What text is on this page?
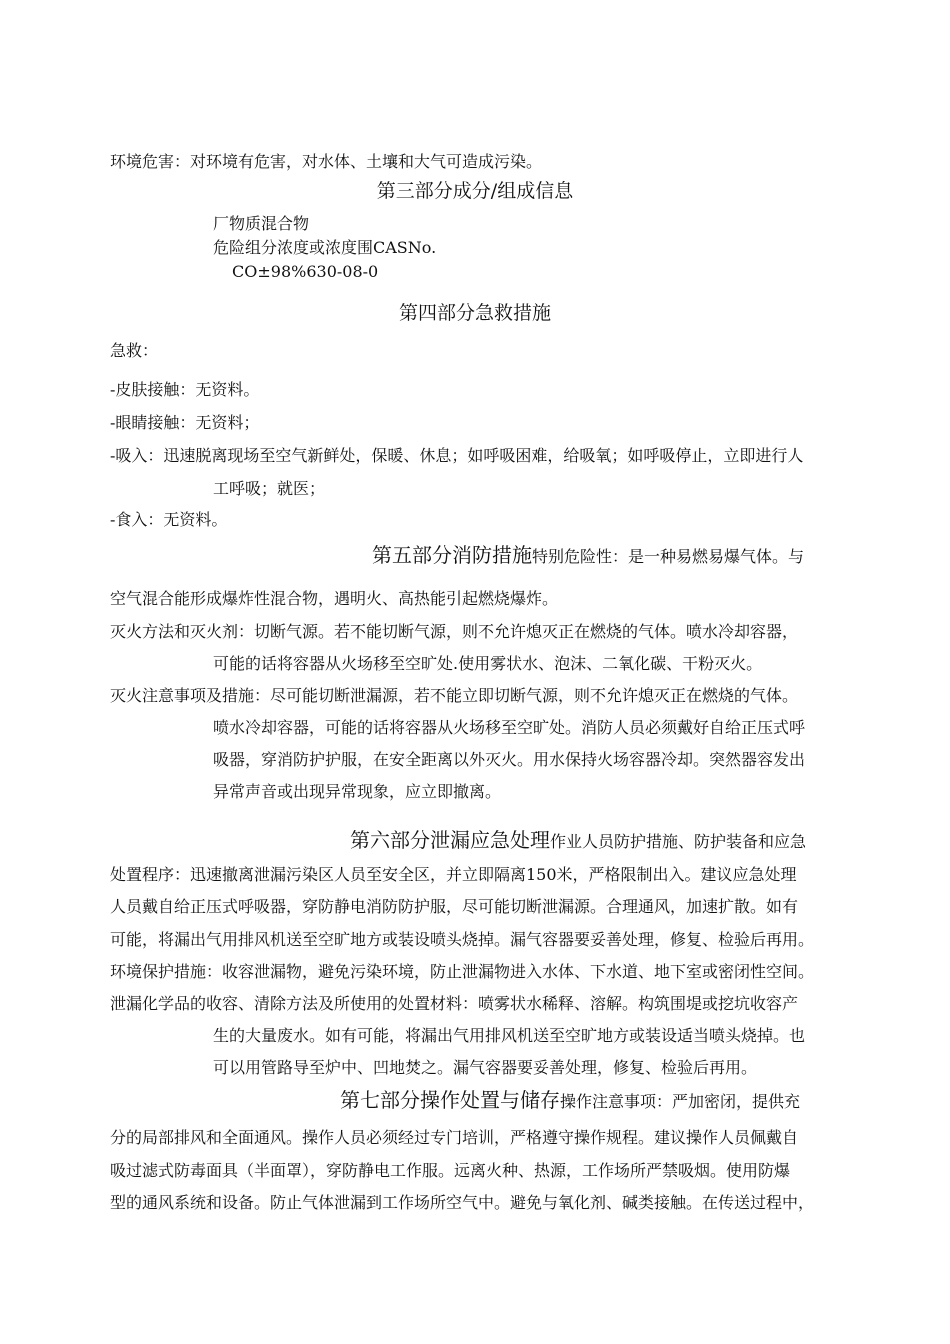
环境危害：对环境有危害，对水体、土壤和大气可造成污染。
第三部分成分/组成信息
厂物质混合物
危险组分浓度或浓度围CASNo.
CO±98%630-08-0
第四部分急救措施
急救：
-皮肤接触：无资料。
-眼睛接触：无资料；
-吸入：迅速脱离现场至空气新鲜处，保暖、休息；如呼吸困难，给吸氧；如呼吸停止，立即进行人
工呼吸；就医；
-食入：无资料。
第五部分消防措施特别危险性：是一种易燃易爆气体。与
空气混合能形成爆炸性混合物，遇明火、高热能引起燃烧爆炸。
灭火方法和灭火剂：切断气源。若不能切断气源，则不允许熄灭正在燃烧的气体。喷水冷却容器，
可能的话将容器从火场移至空旷处.使用雾状水、泡沫、二氧化碳、干粉灭火。
灭火注意事项及措施：尽可能切断泄漏源，若不能立即切断气源，则不允许熄灭正在燃烧的气体。
喷水冷却容器，可能的话将容器从火场移至空旷处。消防人员必须戴好自给正压式呼
吸器，穿消防护护服，在安全距离以外灭火。用水保持火场容器冷却。突然器容发出
异常声音或出现异常现象，应立即撤离。
第六部分泄漏应急处理作业人员防护措施、防护装备和应急
处置程序：迅速撤离泄漏污染区人员至安全区，并立即隔离150米，严格限制出入。建议应急处理
人员戴自给正压式呼吸器，穿防静电消防防护服，尽可能切断泄漏源。合理通风，加速扩散。如有
可能，将漏出气用排风机送至空旷地方或装设喷头烧掉。漏气容器要妥善处理，修复、检验后再用。
环境保护措施：收容泄漏物，避免污染环境，防止泄漏物进入水体、下水道、地下室或密闭性空间。
泄漏化学品的收容、清除方法及所使用的处置材料：喷雾状水稀释、溶解。构筑围堤或挖坑收容产
生的大量废水。如有可能，将漏出气用排风机送至空旷地方或装设适当喷头烧掉。也
可以用管路导至炉中、凹地焚之。漏气容器要妥善处理，修复、检验后再用。
第七部分操作处置与储存操作注意事项：严加密闭，提供充
分的局部排风和全面通风。操作人员必须经过专门培训，严格遵守操作规程。建议操作人员佩戴自
吸过滤式防毒面具（半面罩），穿防静电工作服。远离火种、热源，工作场所严禁吸烟。使用防爆
型的通风系统和设备。防止气体泄漏到工作场所空气中。避免与氧化剂、碱类接触。在传送过程中，
